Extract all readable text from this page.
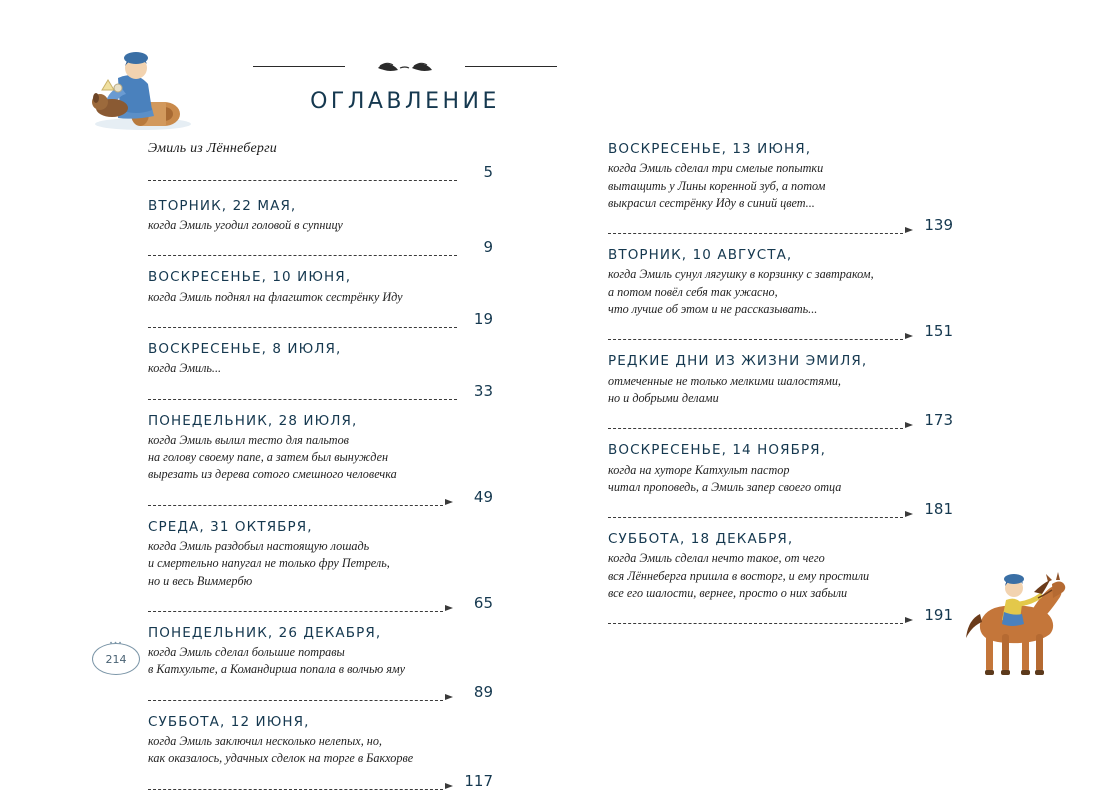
ОГЛАВЛЕНИЕ
Эмиль из Лённеберги
5
ВТОРНИК, 22 МАЯ,
когда Эмиль угодил головой в супницу
9
ВОСКРЕСЕНЬЕ, 10 ИЮНЯ,
когда Эмиль поднял на флагшток сестрёнку Иду
19
ВОСКРЕСЕНЬЕ, 8 ИЮЛЯ,
когда Эмиль...
33
ПОНЕДЕЛЬНИК, 28 ИЮЛЯ,
когда Эмиль вылил тесто для пальтов
на голову своему папе, а затем был вынужден
вырезать из дерева сотого смешного человечка
49
СРЕДА, 31 ОКТЯБРЯ,
когда Эмиль раздобыл настоящую лошадь
и смертельно напугал не только фру Петрель,
но и весь Виммербю
65
ПОНЕДЕЛЬНИК, 26 ДЕКАБРЯ,
когда Эмиль сделал большие потравы
в Катхульте, а Командирша попала в волчью яму
89
СУББОТА, 12 ИЮНЯ,
когда Эмиль заключил несколько нелепых, но,
как оказалось, удачных сделок на торге в Бакхорве
117
ВОСКРЕСЕНЬЕ, 13 ИЮНЯ,
когда Эмиль сделал три смелые попытки
вытащить у Лины коренной зуб, а потом
выкрасил сестрёнку Иду в синий цвет...
139
ВТОРНИК, 10 АВГУСТА,
когда Эмиль сунул лягушку в корзинку с завтраком,
а потом повёл себя так ужасно,
что лучше об этом и не рассказывать...
151
РЕДКИЕ ДНИ ИЗ ЖИЗНИ ЭМИЛЯ,
отмеченные не только мелкими шалостями,
но и добрыми делами
173
ВОСКРЕСЕНЬЕ, 14 НОЯБРЯ,
когда на хуторе Катхульт пастор
читал проповедь, а Эмиль запер своего отца
181
СУББОТА, 18 ДЕКАБРЯ,
когда Эмиль сделал нечто такое, от чего
вся Лённеберга пришла в восторг, и ему простили
все его шалости, вернее, просто о них забыли
191
•••
214
